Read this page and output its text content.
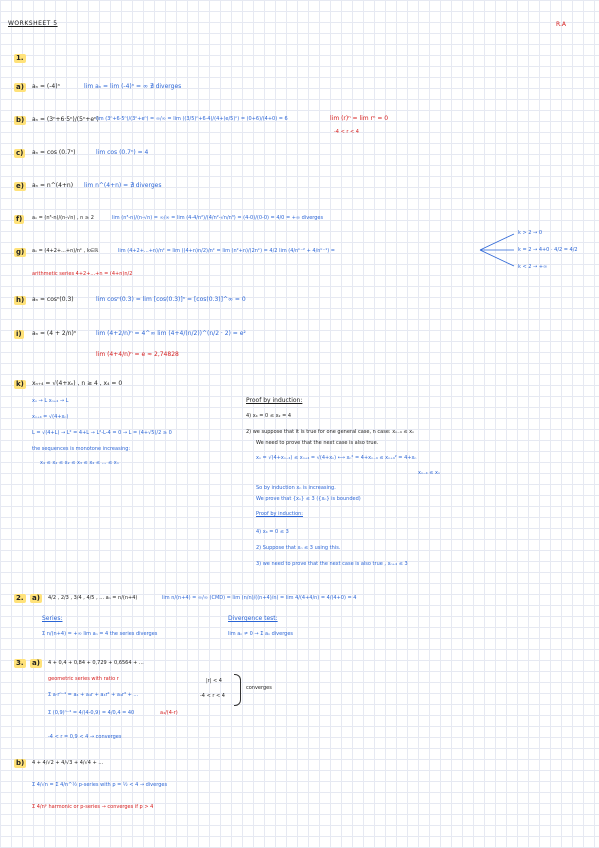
WORKSHEET 5	R.A
1.
a)	aₙ = (-4)ⁿ	lim aₙ = lim (-4)ⁿ = ∞ ∄ diverges
b)	aₙ = (3ⁿ+6·5ⁿ)/(5ⁿ+eⁿ)
lim (3ⁿ+6·5ⁿ)/(3ⁿ+eⁿ) = ∞/∞ = lim ((3/5)ⁿ+6·4)/(4+(e/5)ⁿ) = (0+6)/(4+0) = 6	lim (r)ⁿ = lim rⁿ = 0
-4 < r < 4
c)	aₙ = cos (0.7ⁿ)	lim cos (0.7ⁿ) = 4
e)	aₙ = n^(4+n) lim n^(4+n) = ∄ diverges
f)	aₙ = (n³-n)/(n-√n) , n ≥ 2	lim (n³-n)/(n-√n) = ∞/∞ = lim (4-4/n²)/(4/n²-√n/n³) = (4-0)/(0-0) = 4/0 = +∞ diverges
g)	aₙ = (4+2+...+n)/nᵏ , k∈ℝ	lim (4+2+...+n)/nᵏ = lim ((4+n)n/2)/nᵏ = lim (n²+n)/(2nᵏ) = 4/2 lim (4/nᵏ⁻² + 4/nᵏ⁻¹) =
k > 2 → 0
k = 2 → 4+0 · 4/2 = 4/2
k < 2 → +∞
arithmetic series 4+2+...+n = (4+n)n/2
h)	aₙ = cosⁿ(0.3)	lim cosⁿ(0.3) = lim [cos(0.3)]ⁿ = [cos(0.3)]^∞ = 0
i)	aₙ = (4 + 2/n)ⁿ	lim (4+2/n)ⁿ = 4^∞ lim (4+4/(n/2))^(n/2 · 2) = e²
lim (4+4/n)ⁿ = e ≈ 2,74828
k)	xₙ₊₄ = √(4+xₙ) , n ≥ 4 , x₄ = 0
xₙ → L xₙ₊₄ → L
xₙ₊₄ = √(4+xₙ)
L = √(4+L) → L² = 4+L → L²-L-4 = 0 → L = (4+√5)/2 ≥ 0
the sequences is monotone increasing:
x₄ ≤ x₄ ≤ x₂ ≤ x₃ ≤ x₄ ≤ ... ≤ xₙ
Proof by induction:
4) x₄ = 0 ≤ x₂ = 4
2) we suppose that it is true for one general case, n case: xₙ₋₄ ≤ xₙ
We need to prove that the next case is also true.
xₙ = √(4+xₙ₋₄) ≤ xₙ₊₄ = √(4+xₙ) ⟷ xₙ² = 4+xₙ₋₄ ≤ xₙ₊₄² = 4+xₙ
xₙ₋₄ ≤ xₙ
So by induction xₙ is increasing.
We prove that {xₙ} ≤ 3 ({xₙ} is bounded)
Proof by induction:
4) x₄ = 0 ≤ 3
2) Suppose that xₙ ≤ 3 using this.
3) we need to prove that the next case is also true , xₙ₊₄ ≤ 3
2. a)	4/2 , 2/3 , 3/4 , 4/5 , ... aₙ = n/(n+4)	lim n/(n+4) = ∞/∞ (CMD) = lim (n/n)/((n+4)/n) = lim 4/(4+4/n) = 4/(4+0) = 4
Series:
Σ n/(n+4) = +∞ lim aₙ = 4 the series diverges
Divergence test:
lim aₙ ≠ 0 → Σ aₙ diverges
3. a)	4 + 0,4 + 0,84 + 0,729 + 0,6564 + ...
geometric series with ratio r
Σ a·rⁿ⁻⁴ = a₄ + a₄r + a₄r² + a₄r³ + ...
Σ (0,9)ⁿ⁻⁴ = 4/(4-0,9) = 4/0,4 = 40
-4 < r = 0,9 < 4 → converges
|r| < 4
-4 < r < 4
converges
a₄/(4-r)
b)	4 + 4/√2 + 4/√3 + 4/√4 + ...
Σ 4/√n = Σ 4/n^½ p-series with p = ½ < 4 → diverges
Σ 4/nᵖ harmonic or p-series → converges if p > 4
